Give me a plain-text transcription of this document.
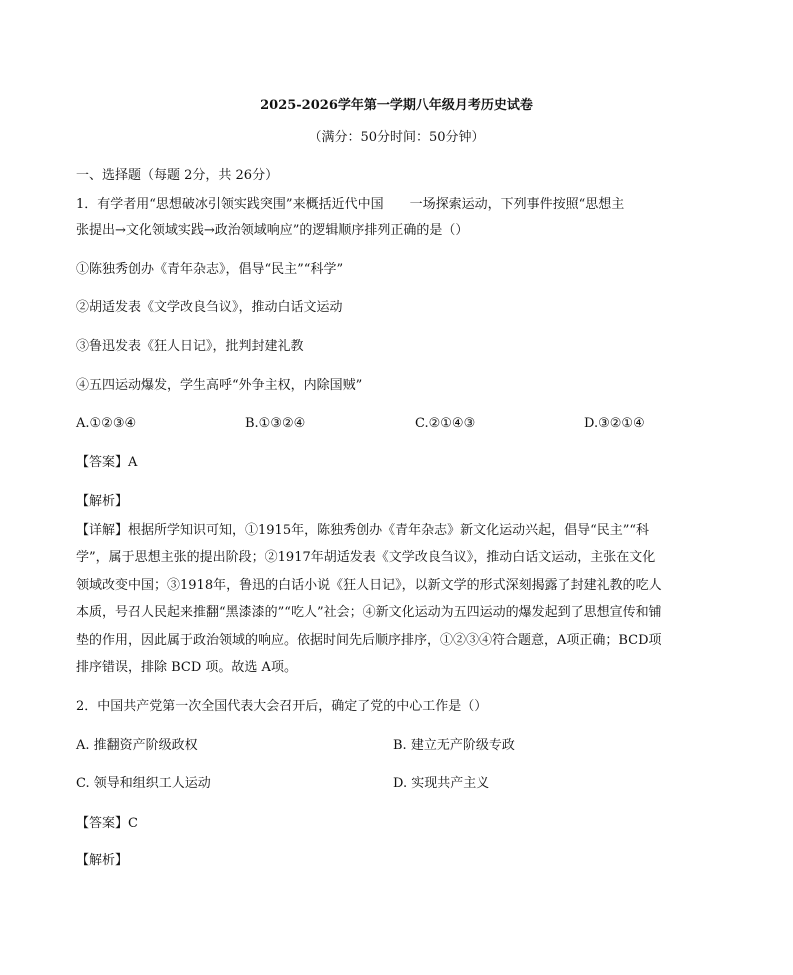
2025-2026学年第一学期八年级月考历史试卷
（满分：50分时间：50分钟）
一、选择题（每题 2分，共 26分）
1．有学者用“思想破冰引领实践突围”来概括近代中国　　一场探索运动，下列事件按照“思想主
张提出→文化领域实践→政治领域响应”的逻辑顺序排列正确的是（）
①陈独秀创办《青年杂志》，倡导“民主”“科学”
②胡适发表《文学改良刍议》，推动白话文运动
③鲁迅发表《狂人日记》，批判封建礼教
④五四运动爆发，学生高呼“外争主权，内除国贼”
A.①②③④	B.①③②④	C.②①④③	D.③②①④
【答案】A
【解析】
【详解】根据所学知识可知，①1915年，陈独秀创办《青年杂志》新文化运动兴起，倡导“民主”“科
学”，属于思想主张的提出阶段；②1917年胡适发表《文学改良刍议》，推动白话文运动，主张在文化
领域改变中国；③1918年，鲁迅的白话小说《狂人日记》，以新文学的形式深刻揭露了封建礼教的吃人
本质，号召人民起来推翻“黑漆漆的”“吃人”社会；④新文化运动为五四运动的爆发起到了思想宣传和铺
垫的作用，因此属于政治领域的响应。依据时间先后顺序排序，①②③④符合题意，A项正确；BCD项
排序错误，排除 BCD 项。故选 A项。
2．中国共产党第一次全国代表大会召开后，确定了党的中心工作是（）
A. 推翻资产阶级政权	B. 建立无产阶级专政
C. 领导和组织工人运动	D. 实现共产主义
【答案】C
【解析】
